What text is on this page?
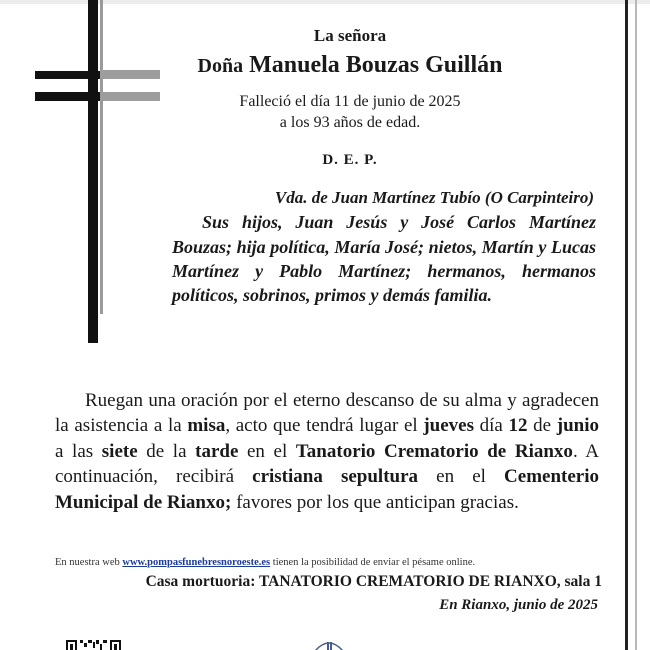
La señora
Doña Manuela Bouzas Guillán
Falleció el día 11 de junio de 2025
a los 93 años de edad.
D. E. P.
Vda. de Juan Martínez Tubío (O Carpinteiro)
Sus hijos, Juan Jesús y José Carlos Martínez Bouzas; hija política, María José; nietos, Martín y Lucas Martínez y Pablo Martínez; hermanos, hermanos políticos, sobrinos, primos y demás familia.
Ruegan una oración por el eterno descanso de su alma y agradecen la asistencia a la misa, acto que tendrá lugar el jueves día 12 de junio a las siete de la tarde en el Tanatorio Crematorio de Rianxo. A continuación, recibirá cristiana sepultura en el Cementerio Municipal de Rianxo; favores por los que anticipan gracias.
En nuestra web www.pompasfunebresnoroeste.es tienen la posibilidad de enviar el pésame online.
Casa mortuoria: TANATORIO CREMATORIO DE RIANXO, sala 1
En Rianxo, junio de 2025
